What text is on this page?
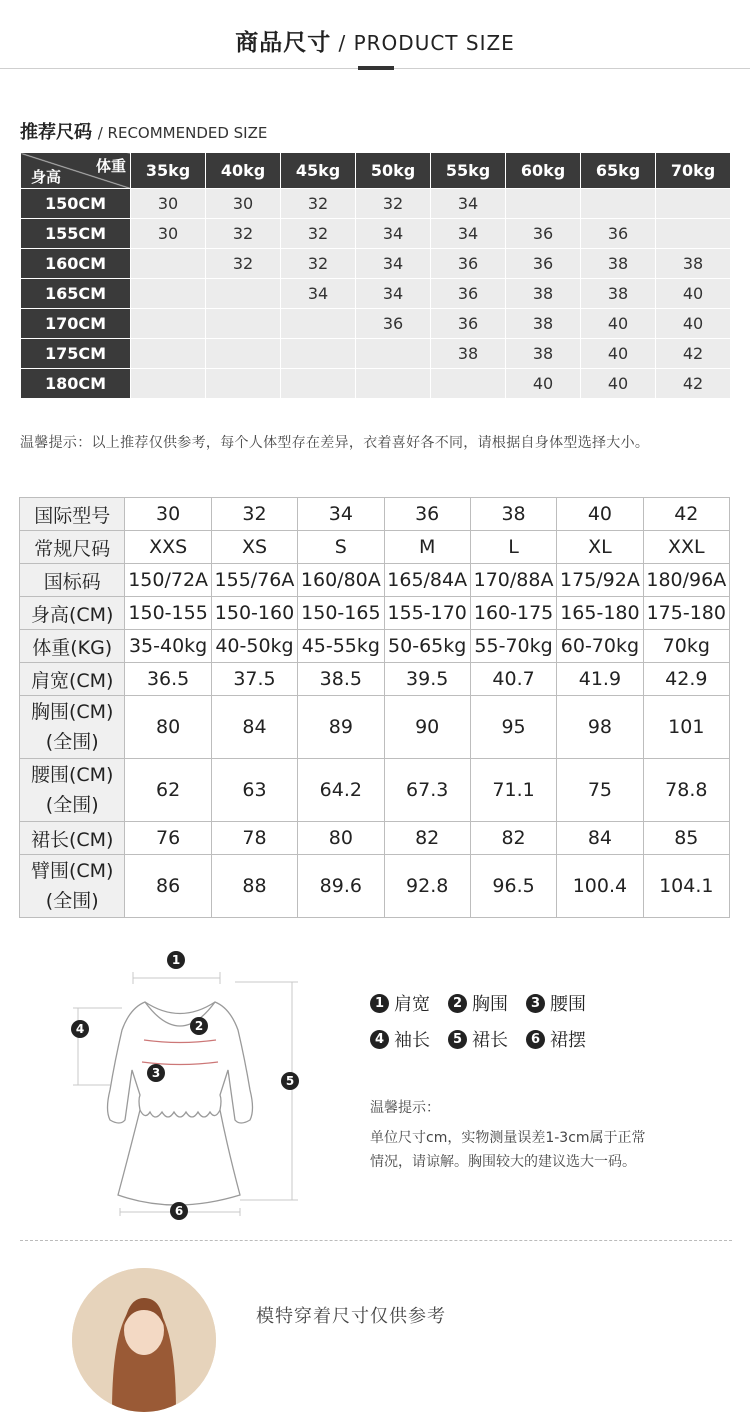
商品尺寸 / PRODUCT SIZE
推荐尺码 / RECOMMENDED SIZE
体重
身高	35kg	40kg	45kg	50kg	55kg	60kg	65kg	70kg
150CM	30	30	32	32	34			
155CM	30	32	32	34	34	36	36	
160CM		32	32	34	36	36	38	38
165CM			34	34	36	38	38	40
170CM				36	36	38	40	40
175CM					38	38	40	42
180CM						40	40	42
温馨提示：以上推荐仅供参考，每个人体型存在差异，衣着喜好各不同，请根据自身体型选择大小。
国际型号	30	32	34	36	38	40	42

常规尺码	XXS	XS	S	M	L	XL	XXL

国标码	150/72A	155/76A	160/80A	165/84A	170/88A	175/92A	180/96A

身高(CM)	150-155	150-160	150-165	155-170	160-175	165-180	175-180

体重(KG)	35-40kg	40-50kg	45-55kg	50-65kg	55-70kg	60-70kg	70kg

肩宽(CM)	36.5	37.5	38.5	39.5	40.7	41.9	42.9

胸围(CM)
(全围)	80	84	89	90	95	98	101

腰围(CM)
(全围)	62	63	64.2	67.3	71.1	75	78.8

裙长(CM)	76	78	80	82	82	84	85

臂围(CM)
(全围)	86	88	89.6	92.8	96.5	100.4	104.1
1
2
3
4
5
6
1 肩宽	2 胸围	3 腰围
4 袖长	5 裙长	6 裙摆
温馨提示：
单位尺寸cm，实物测量误差1-3cm属于正常
情况，请谅解。胸围较大的建议选大一码。
模特穿着尺寸仅供参考
